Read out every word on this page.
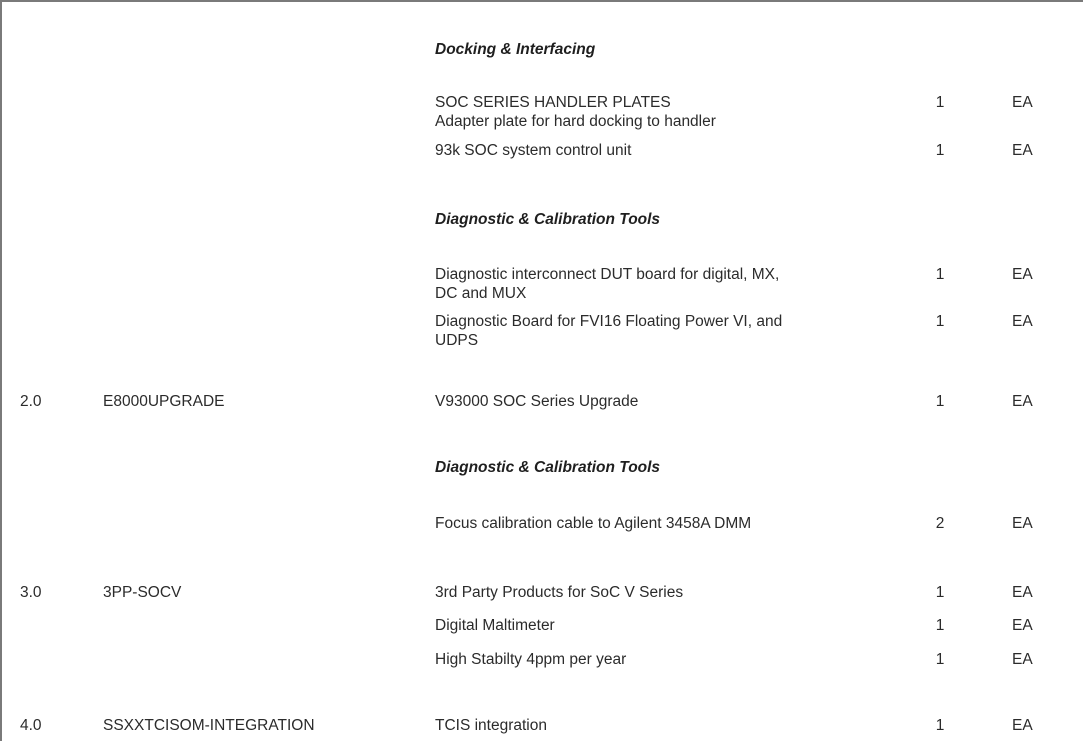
Docking & Interfacing
SOC SERIES HANDLER PLATES	1	EA
Adapter plate for hard docking to handler
93k SOC system control unit	1	EA
Diagnostic & Calibration Tools
Diagnostic interconnect DUT board for digital, MX,
DC and MUX
1	EA
Diagnostic Board for FVI16 Floating Power VI, and
UDPS
1	EA
2.0	E8000UPGRADE	V93000 SOC Series Upgrade	1	EA
Diagnostic & Calibration Tools
Focus calibration cable to Agilent 3458A DMM	2	EA
3.0	3PP-SOCV	3rd Party Products for SoC V Series	1	EA
Digital Maltimeter	1	EA
High Stabilty 4ppm per year	1	EA
4.0	SSXXTCISOM-INTEGRATION	TCIS integration	1	EA
